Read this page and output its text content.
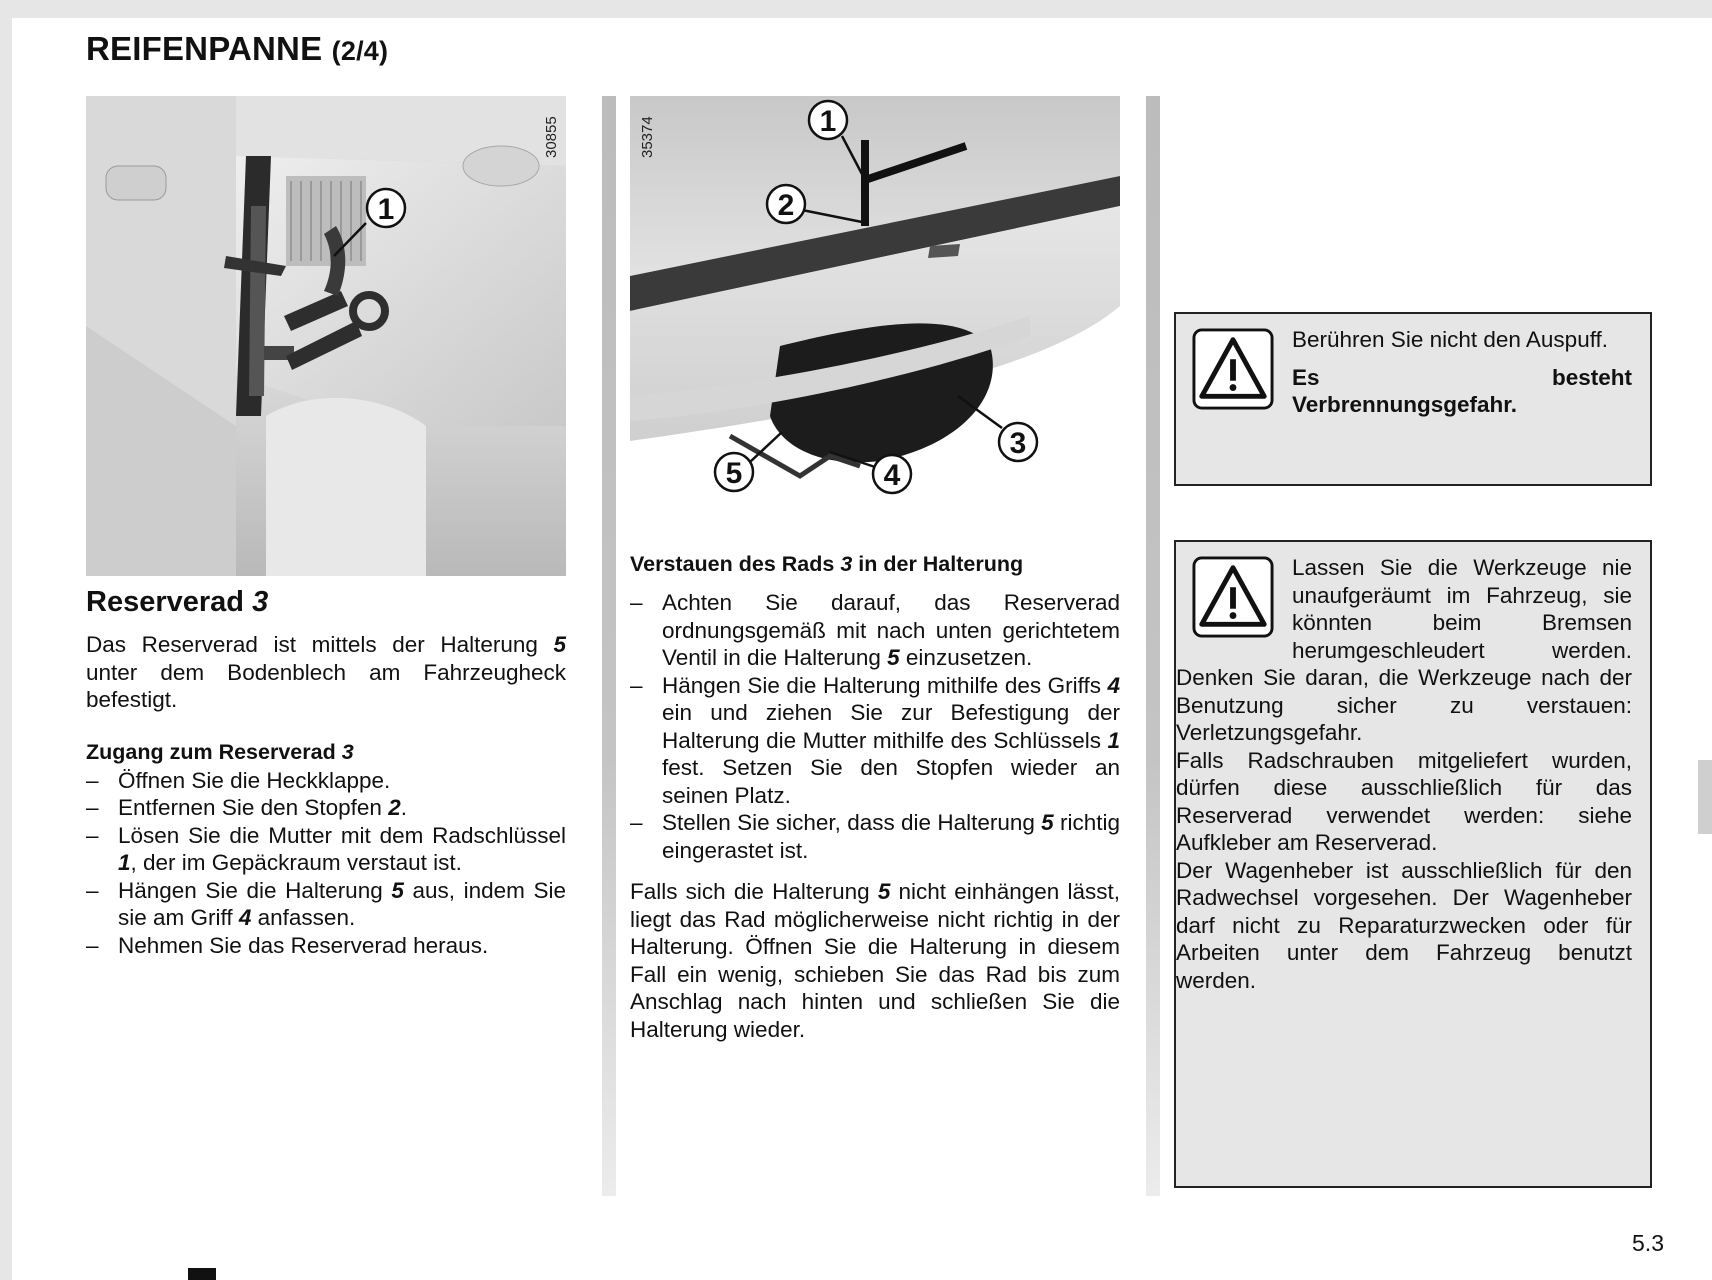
REIFENPANNE (2/4)
30855
1
Reserverad 3

Das Reserverad ist mittels der Halterung 5 unter dem Bodenblech am Fahrzeugheck befestigt.

Zugang zum Reserverad 3
– Öffnen Sie die Heckklappe.
– Entfernen Sie den Stopfen 2.
– Lösen Sie die Mutter mit dem Radschlüssel 1, der im Gepäckraum verstaut ist.
– Hängen Sie die Halterung 5 aus, indem Sie sie am Griff 4 anfassen.
– Nehmen Sie das Reserverad heraus.
35374	1
2
3
4
5
Verstauen des Rads 3 in der Halterung
– Achten Sie darauf, das Reserverad ordnungsgemäß mit nach unten gerichtetem Ventil in die Halterung 5 einzusetzen.
– Hängen Sie die Halterung mithilfe des Griffs 4 ein und ziehen Sie zur Befestigung der Halterung die Mutter mithilfe des Schlüssels 1 fest. Setzen Sie den Stopfen wieder an seinen Platz.
– Stellen Sie sicher, dass die Halterung 5 richtig eingerastet ist.

Falls sich die Halterung 5 nicht einhängen lässt, liegt das Rad möglicherweise nicht richtig in der Halterung. Öffnen Sie die Halterung in diesem Fall ein wenig, schieben Sie das Rad bis zum Anschlag nach hinten und schließen Sie die Halterung wieder.

Berühren Sie nicht den Auspuff.

Es besteht Verbrennungsgefahr.

Lassen Sie die Werkzeuge nie unaufgeräumt im Fahrzeug, sie könnten beim Bremsen herumgeschleudert werden. Denken Sie daran, die Werkzeuge nach der Benutzung sicher zu verstauen: Verletzungsgefahr.

Falls Radschrauben mitgeliefert wurden, dürfen diese ausschließlich für das Reserverad verwendet werden: siehe Aufkleber am Reserverad.

Der Wagenheber ist ausschließlich für den Radwechsel vorgesehen. Der Wagenheber darf nicht zu Reparaturzwecken oder für Arbeiten unter dem Fahrzeug benutzt werden.

5.3
